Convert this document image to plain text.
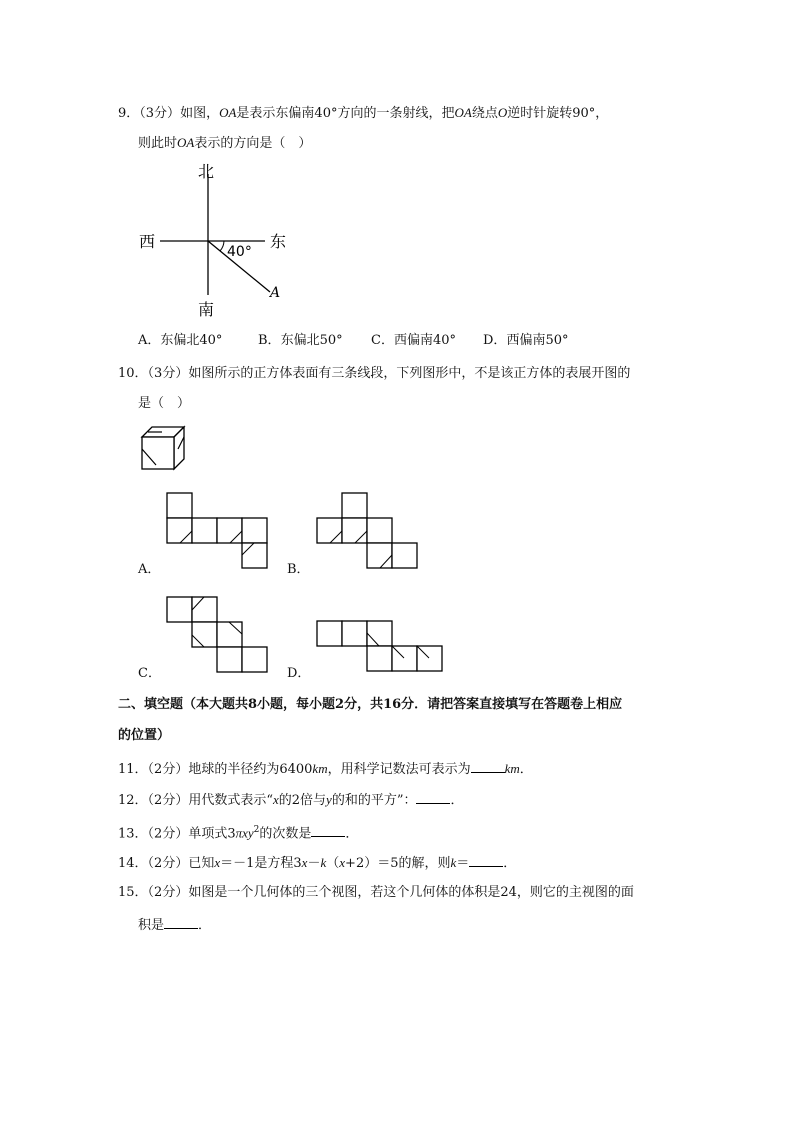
9．（3分）如图，OA是表示东偏南40°方向的一条射线，把OA绕点O逆时针旋转90°，
则此时OA表示的方向是（　）
北
西	东
南
40°
A
A．东偏北40°	B．东偏北50° C．西偏南40° D．西偏南50°
10．（3分）如图所示的正方体表面有三条线段，下列图形中，不是该正方体的表展开图的
是（　）
A．	B．
C．	D．
二、填空题（本大题共8小题，每小题2分，共16分．请把答案直接填写在答题卷上相应
的位置）
11．（2分）地球的半径约为6400km，用科学记数法可表示为	km．
12．（2分）用代数式表示“x的2倍与y的和的平方”：	．
13．（2分）单项式3πxy$^2$的次数是	．
14．（2分）已知x＝－1是方程3x－k（x+2）＝5的解，则k＝	．
15．（2分）如图是一个几何体的三个视图，若这个几何体的体积是24，则它的主视图的面
积是	．
